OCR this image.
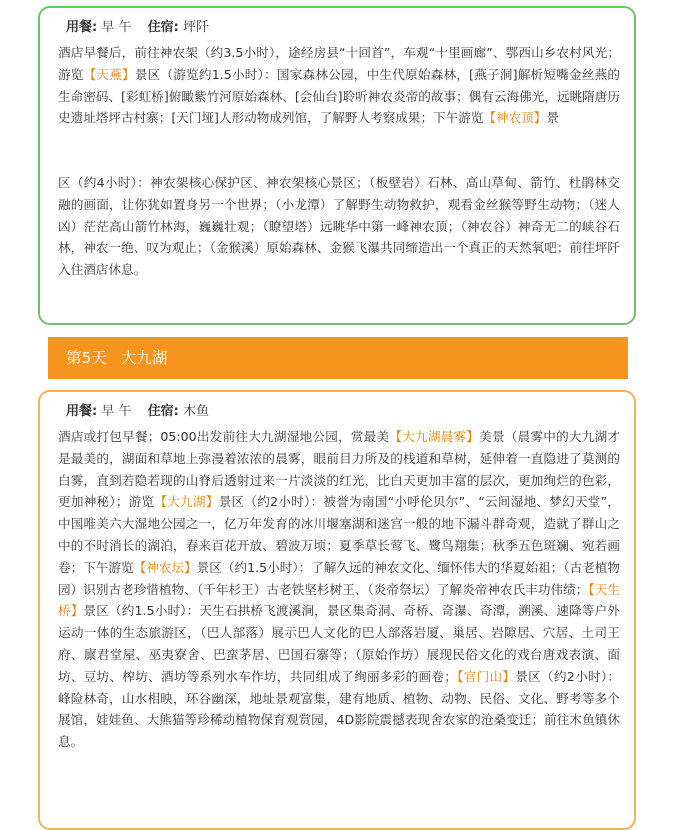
用餐: 早 午 住宿: 坪阡

酒店早餐后，前往神农架（约3.5小时），途经房县“十回首”，车观“十里画廊”、鄂西山乡农村风光；游览【天燕】景区（游览约1.5小时）：国家森林公园，中生代原始森林，[燕子洞]解析短嘴金丝燕的生命密码、[彩虹桥]俯瞰紫竹河原始森林、[会仙台]聆听神农炎帝的故事；偶有云海佛光，远眺隋唐历史遗址塔坪古村寨；[天门垭]人形动物成列馆，了解野人考察成果；下午游览【神农顶】景

区（约4小时）：神农架核心保护区、神农架核心景区；（板壁岩）石林、高山草甸、箭竹、杜鹃林交融的画面，让你犹如置身另一个世界；（小龙潭）了解野生动物救护，观看金丝猴等野生动物；（迷人凶）茫茫高山箭竹林海，巍巍壮观；（瞭望塔）远眺华中第一峰神农顶；（神农谷）神奇无二的峡谷石林，神农一绝、叹为观止；（金猴溪）原始森林、金猴飞瀑共同缔造出一个真正的天然氧吧；前往坪阡入住酒店休息。

第5天 大九湖
用餐: 早 午 住宿: 木鱼

酒店或打包早餐；05:00出发前往大九湖湿地公园，赏最美【大九湖晨雾】美景（晨雾中的大九湖才是最美的，湖面和草地上弥漫着浓浓的晨雾，眼前目力所及的栈道和草树，延伸着一直隐进了莫测的白雾，直到若隐若现的山脊后透射过来一片淡淡的红光，比白天更加丰富的层次，更加绚烂的色彩，更加神秘）；游览【大九湖】景区（约2小时）：被誉为南国“小呼伦贝尔”、“云间湿地、梦幻天堂”，中国唯美六大湿地公园之一，亿万年发育的冰川堰塞湖和迷宫一般的地下漏斗群奇观，造就了群山之中的不时消长的湖泊，春来百花开放、碧波万顷；夏季草长莺飞、鹭鸟翔集；秋季五色斑斓、宛若画卷；下午游览【神农坛】景区（约1.5小时）：了解久远的神农文化、缅怀伟大的华夏始祖；（古老植物园）识别古老珍惜植物、（千年杉王）古老铁坚杉树王、（炎帝祭坛）了解炎帝神农氏丰功伟绩；【天生桥】景区（约1.5小时）：天生石拱桥飞渡溪涧，景区集奇洞、奇桥、奇瀑、奇潭，溯溪、速降等户外运动一体的生态旅游区，（巴人部落）展示巴人文化的巴人部落岩厦、巢居、岩隙居、穴居、土司王府、廪君堂屋、巫夷寮舍、巴蛮茅居、巴国石寨等；（原始作坊）展现民俗文化的戏台唐戏表演、面坊、豆坊、榨坊、酒坊等系列水车作坊，共同组成了绚丽多彩的画卷；【官门山】景区（约2小时）：峰险林奇，山水相映，环谷幽深，地址景观富集，建有地质、植物、动物、民俗、文化、野考等多个展馆，娃娃鱼、大熊猫等珍稀动植物保育观赏园，4D影院震撼表现舍农家的沧桑变迁；前往木鱼镇休息。
